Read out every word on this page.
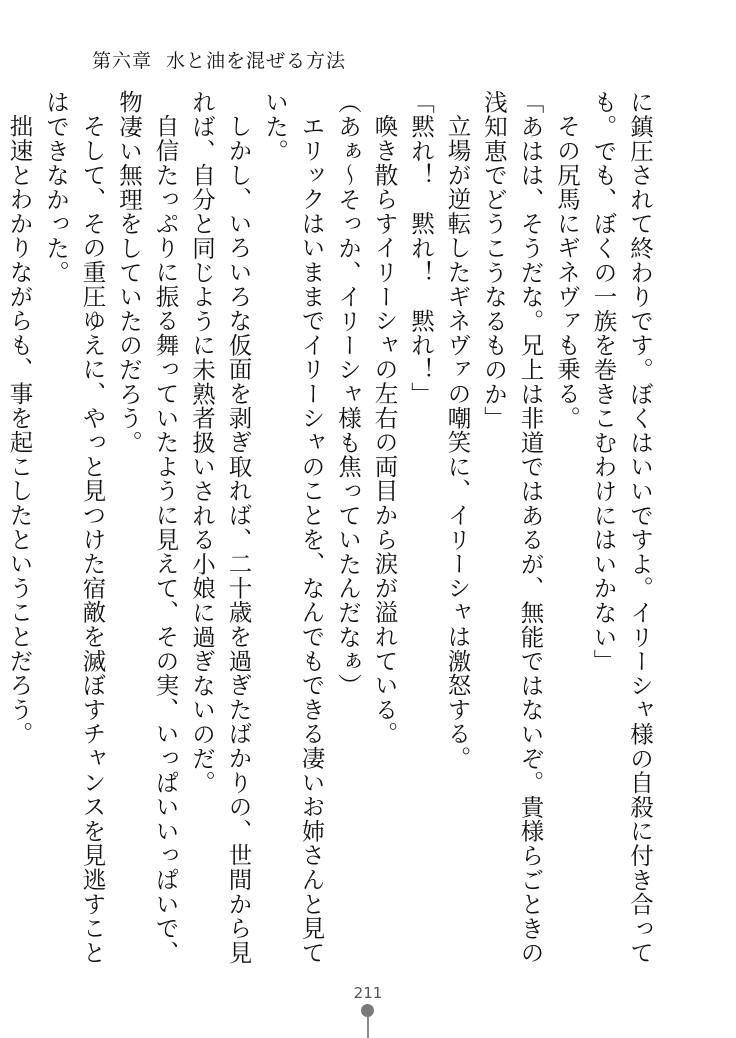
第六章 水と油を混ぜる方法

に鎮圧されて終わりです。ぼくはいいですよ。イリーシャ様の自殺に付き合っても。でも、ぼくの一族を巻きこむわけにはいかない」

その尻馬にギネヴァも乗る。

「あはは、そうだな。兄上は非道ではあるが、無能ではないぞ。貴様らごときの浅知恵でどうこうなるものか」

立場が逆転したギネヴァの嘲笑に、イリーシャは激怒する。

「黙れ！　黙れ！　黙れ！」

喚き散らすイリーシャの左右の両目から涙が溢れている。

（あぁ～そっか、イリーシャ様も焦っていたんだなぁ）

エリックはいままでイリーシャのことを、なんでもできる凄いお姉さんと見ていた。

しかし、いろいろな仮面を剥ぎ取れば、二十歳を過ぎたばかりの、世間から見れば、自分と同じように未熟者扱いされる小娘に過ぎないのだ。

自信たっぷりに振る舞っていたように見えて、その実、いっぱいいっぱいで、物凄い無理をしていたのだろう。

そして、その重圧ゆえに、やっと見つけた宿敵を滅ぼすチャンスを見逃すことはできなかった。

拙速とわかりながらも、事を起こしたということだろう。

211
